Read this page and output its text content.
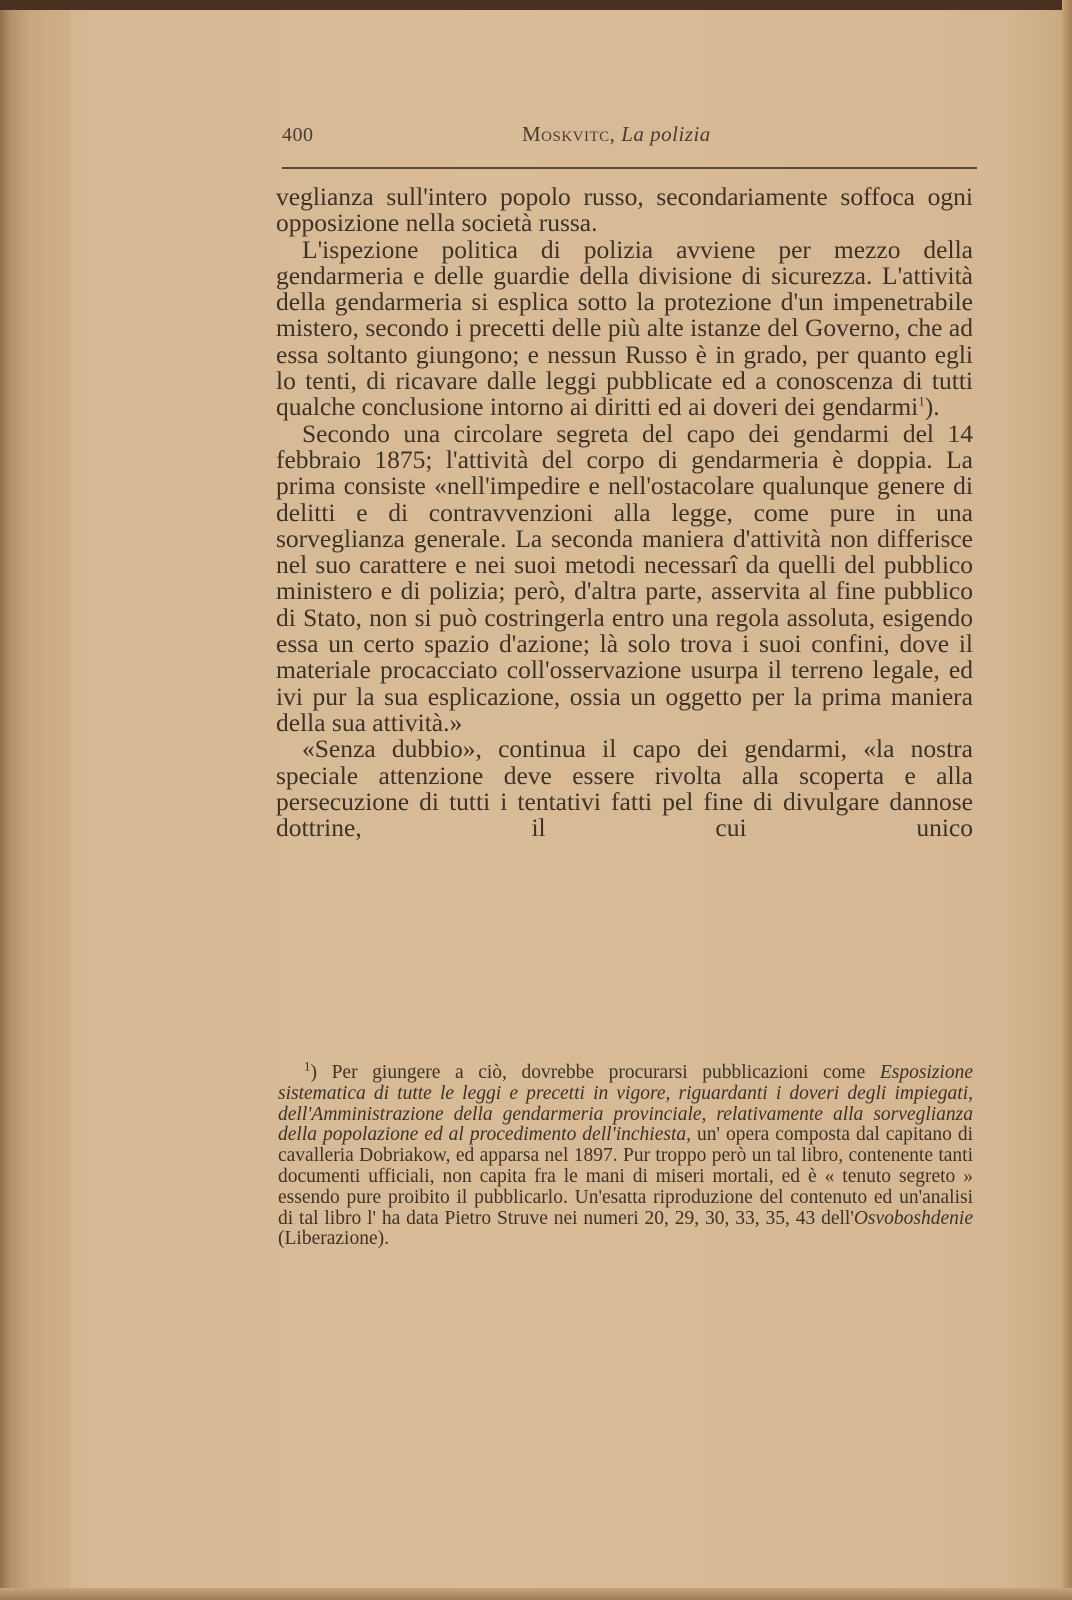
400	Moskvitc, La polizia

veglianza sull'intero popolo russo, secondariamente soffoca ogni opposizione nella società russa.

L'ispezione politica di polizia avviene per mezzo della gendarmeria e delle guardie della divisione di sicurezza. L'attività della gendarmeria si esplica sotto la protezione d'un impenetrabile mistero, secondo i precetti delle più alte istanze del Governo, che ad essa soltanto giungono; e nessun Russo è in grado, per quanto egli lo tenti, di ricavare dalle leggi pubblicate ed a conoscenza di tutti qualche conclusione intorno ai diritti ed ai doveri dei gendarmi$^1$).

Secondo una circolare segreta del capo dei gendarmi del 14 febbraio 1875; l'attività del corpo di gendarmeria è doppia. La prima consiste «nell'impedire e nell'ostacolare qualunque genere di delitti e di contravvenzioni alla legge, come pure in una sorveglianza generale. La seconda maniera d'attività non differisce nel suo carattere e nei suoi metodi necessarî da quelli del pubblico ministero e di polizia; però, d'altra parte, asservita al fine pubblico di Stato, non si può costringerla entro una regola assoluta, esigendo essa un certo spazio d'azione; là solo trova i suoi confini, dove il materiale procacciato coll'osservazione usurpa il terreno legale, ed ivi pur la sua esplicazione, ossia un oggetto per la prima maniera della sua attività.»

«Senza dubbio», continua il capo dei gendarmi, «la nostra speciale attenzione deve essere rivolta alla scoperta e alla persecuzione di tutti i tentativi fatti pel fine di divulgare dannose dottrine, il cui unico

$^1$) Per giungere a ciò, dovrebbe procurarsi pubblicazioni come Esposizione sistematica di tutte le leggi e precetti in vigore, riguardanti i doveri degli impiegati, dell'Amministrazione della gendarmeria provinciale, relativamente alla sorveglianza della popolazione ed al procedimento dell'inchiesta, un' opera composta dal capitano di cavalleria Dobriakow, ed apparsa nel 1897. Pur troppo però un tal libro, contenente tanti documenti ufficiali, non capita fra le mani di miseri mortali, ed è « tenuto segreto » essendo pure proibito il pubblicarlo. Un'esatta riproduzione del contenuto ed un'analisi di tal libro l' ha data Pietro Struve nei numeri 20, 29, 30, 33, 35, 43 dell'Osvoboshdenie (Liberazione).
